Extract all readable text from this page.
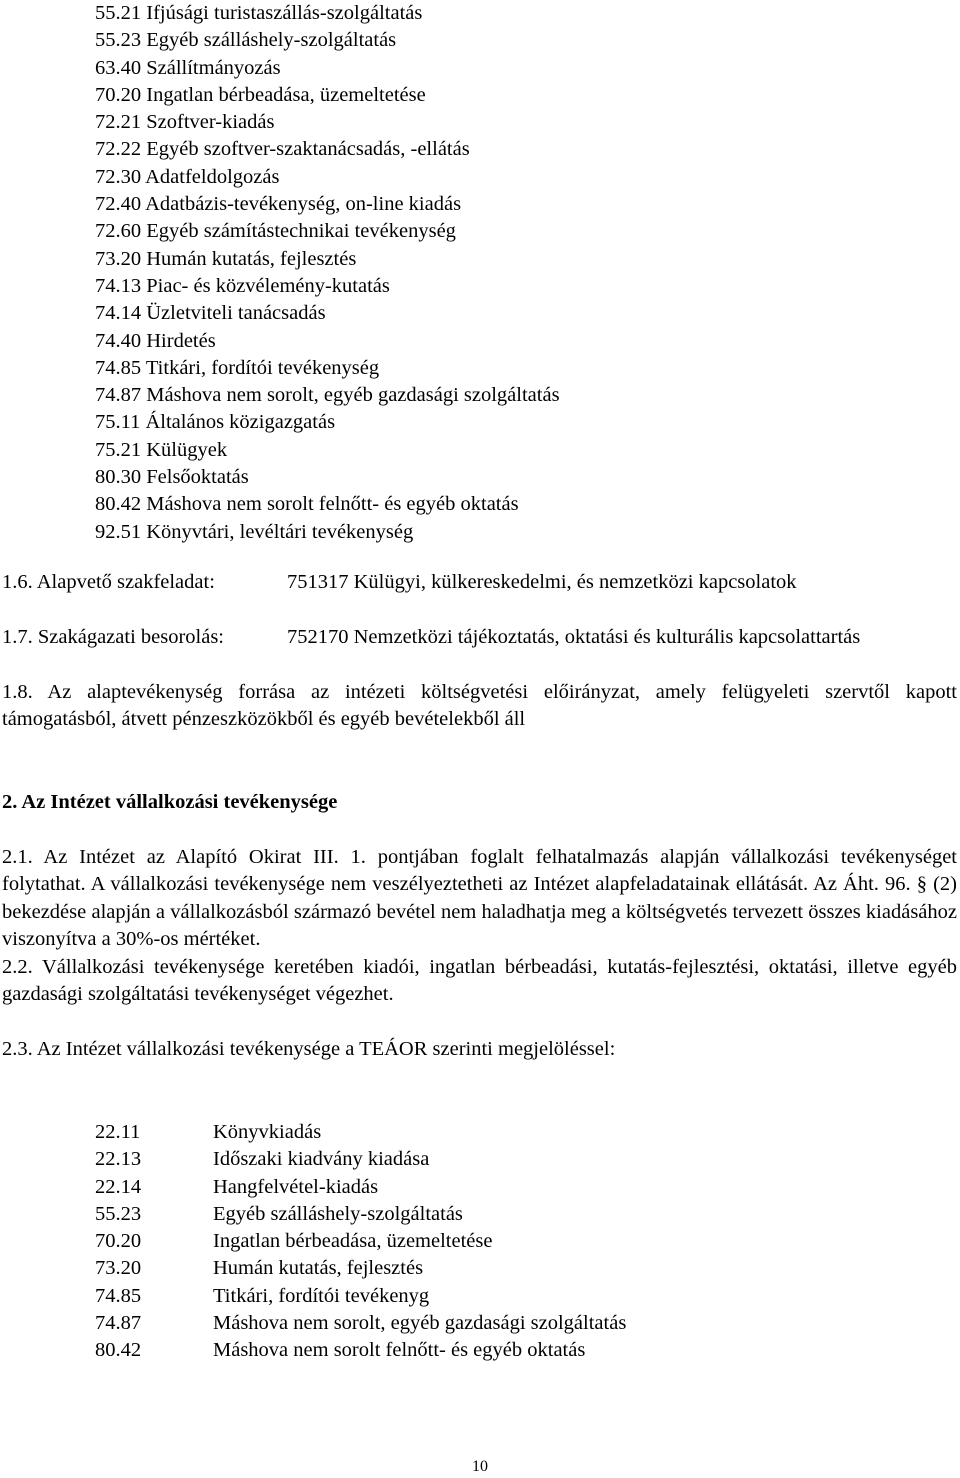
55.21 Ifjúsági turistaszállás-szolgáltatás
55.23 Egyéb szálláshely-szolgáltatás
63.40 Szállítmányozás
70.20 Ingatlan bérbeadása, üzemeltetése
72.21 Szoftver-kiadás
72.22 Egyéb szoftver-szaktanácsadás, -ellátás
72.30 Adatfeldolgozás
72.40 Adatbázis-tevékenység, on-line kiadás
72.60 Egyéb számítástechnikai tevékenység
73.20 Humán kutatás, fejlesztés
74.13 Piac- és közvélemény-kutatás
74.14 Üzletviteli tanácsadás
74.40 Hirdetés
74.85 Titkári, fordítói tevékenység
74.87 Máshova nem sorolt, egyéb gazdasági szolgáltatás
75.11 Általános közigazgatás
75.21 Külügyek
80.30 Felsőoktatás
80.42 Máshova nem sorolt felnőtt- és egyéb oktatás
92.51 Könyvtári, levéltári tevékenység
1.6. Alapvető szakfeladat:	751317 Külügyi, külkereskedelmi, és nemzetközi kapcsolatok
1.7. Szakágazati besorolás:	752170 Nemzetközi tájékoztatás, oktatási és kulturális kapcsolattartás
1.8. Az alaptevékenység forrása az intézeti költségvetési előirányzat, amely felügyeleti szervtől kapott támogatásból, átvett pénzeszközökből és egyéb bevételekből áll
2. Az Intézet vállalkozási tevékenysége
2.1. Az Intézet az Alapító Okirat III. 1. pontjában foglalt felhatalmazás alapján vállalkozási tevékenységet folytathat. A vállalkozási tevékenysége nem veszélyeztetheti az Intézet alapfeladatainak ellátását. Az Áht. 96. § (2) bekezdése alapján a vállalkozásból származó bevétel nem haladhatja meg a költségvetés tervezett összes kiadásához viszonyítva a 30%-os mértéket.
2.2. Vállalkozási tevékenysége keretében kiadói, ingatlan bérbeadási, kutatás-fejlesztési, oktatási, illetve egyéb gazdasági szolgáltatási tevékenységet végezhet.
2.3. Az Intézet vállalkozási tevékenysége a TEÁOR szerinti megjelöléssel:
22.11	Könyvkiadás
22.13	Időszaki kiadvány kiadása
22.14	Hangfelvétel-kiadás
55.23	Egyéb szálláshely-szolgáltatás
70.20	Ingatlan bérbeadása, üzemeltetése
73.20	Humán kutatás, fejlesztés
74.85	Titkári, fordítói tevékenyg
74.87	Máshova nem sorolt, egyéb gazdasági szolgáltatás
80.42	Máshova nem sorolt felnőtt- és egyéb oktatás
10
